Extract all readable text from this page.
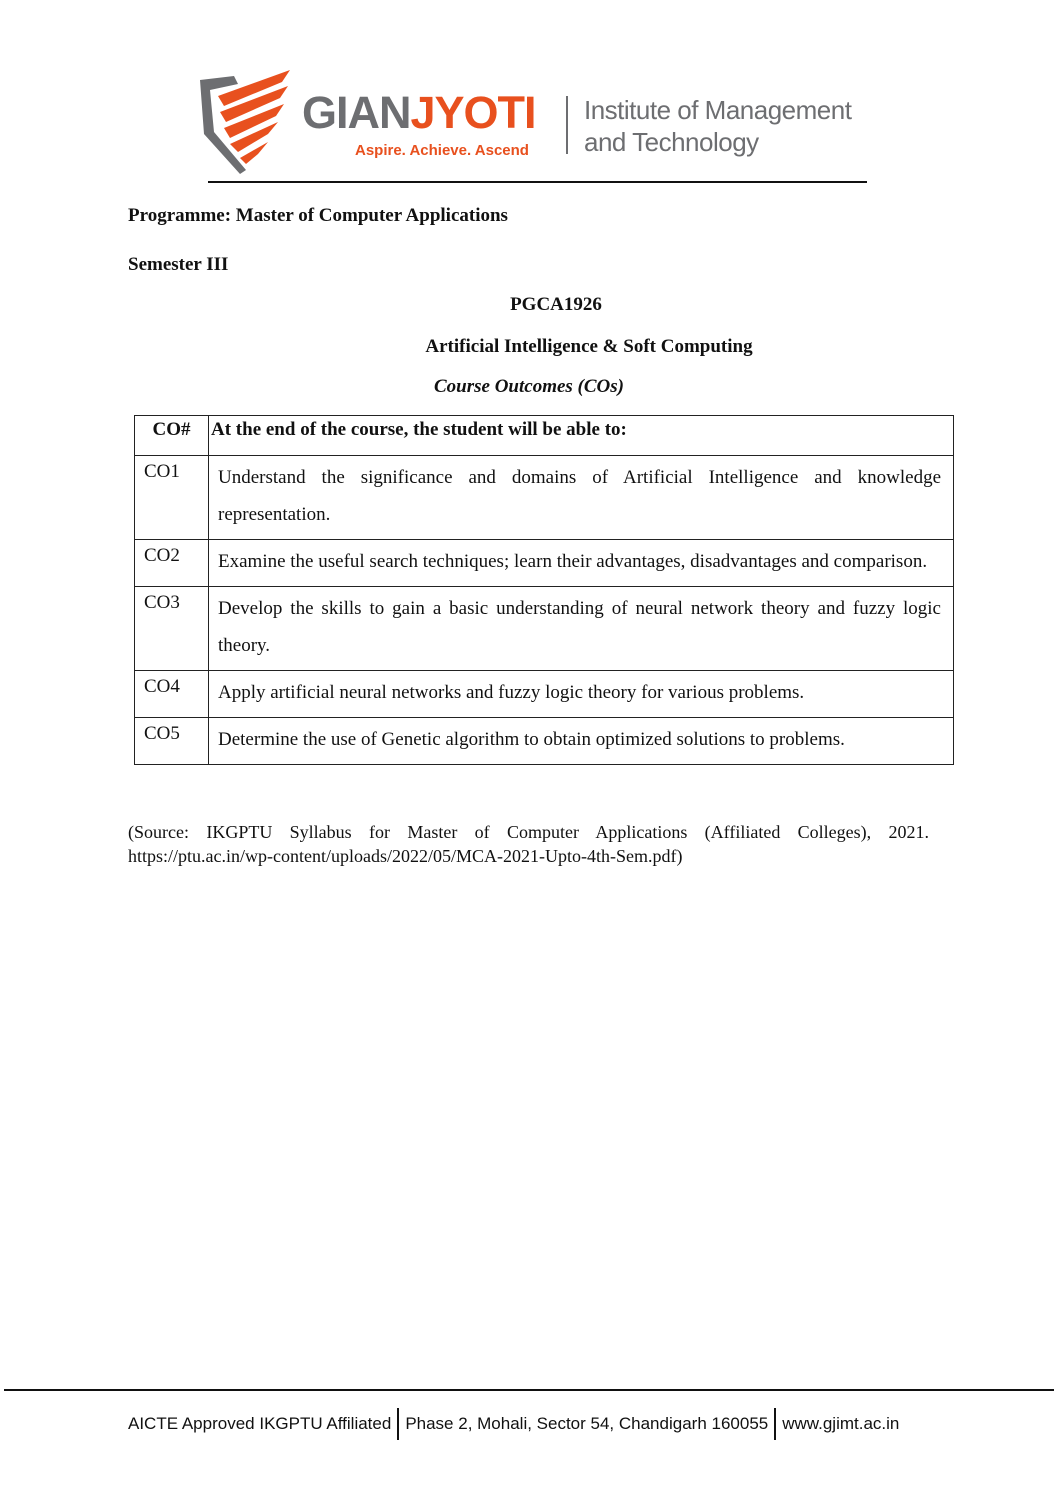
GIANJYOTI
Aspire. Achieve. Ascend
Institute of Management
and Technology
Programme: Master of Computer Applications
Semester III
PGCA1926
Artificial Intelligence & Soft Computing
Course Outcomes (COs)
CO#	At the end of the course, the student will be able to:
CO1	Understand the significance and domains of Artificial Intelligence and knowledge representation.
CO2	Examine the useful search techniques; learn their advantages, disadvantages and comparison.
CO3	Develop the skills to gain a basic understanding of neural network theory and fuzzy logic theory.
CO4	Apply artificial neural networks and fuzzy logic theory for various problems.
CO5	Determine the use of Genetic algorithm to obtain optimized solutions to problems.
(Source: IKGPTU Syllabus for Master of Computer Applications (Affiliated Colleges), 2021. https://ptu.ac.in/wp-content/uploads/2022/05/MCA-2021-Upto-4th-Sem.pdf)
AICTE Approved IKGPTU Affiliated Phase 2, Mohali, Sector 54, Chandigarh 160055 www.gjimt.ac.in
